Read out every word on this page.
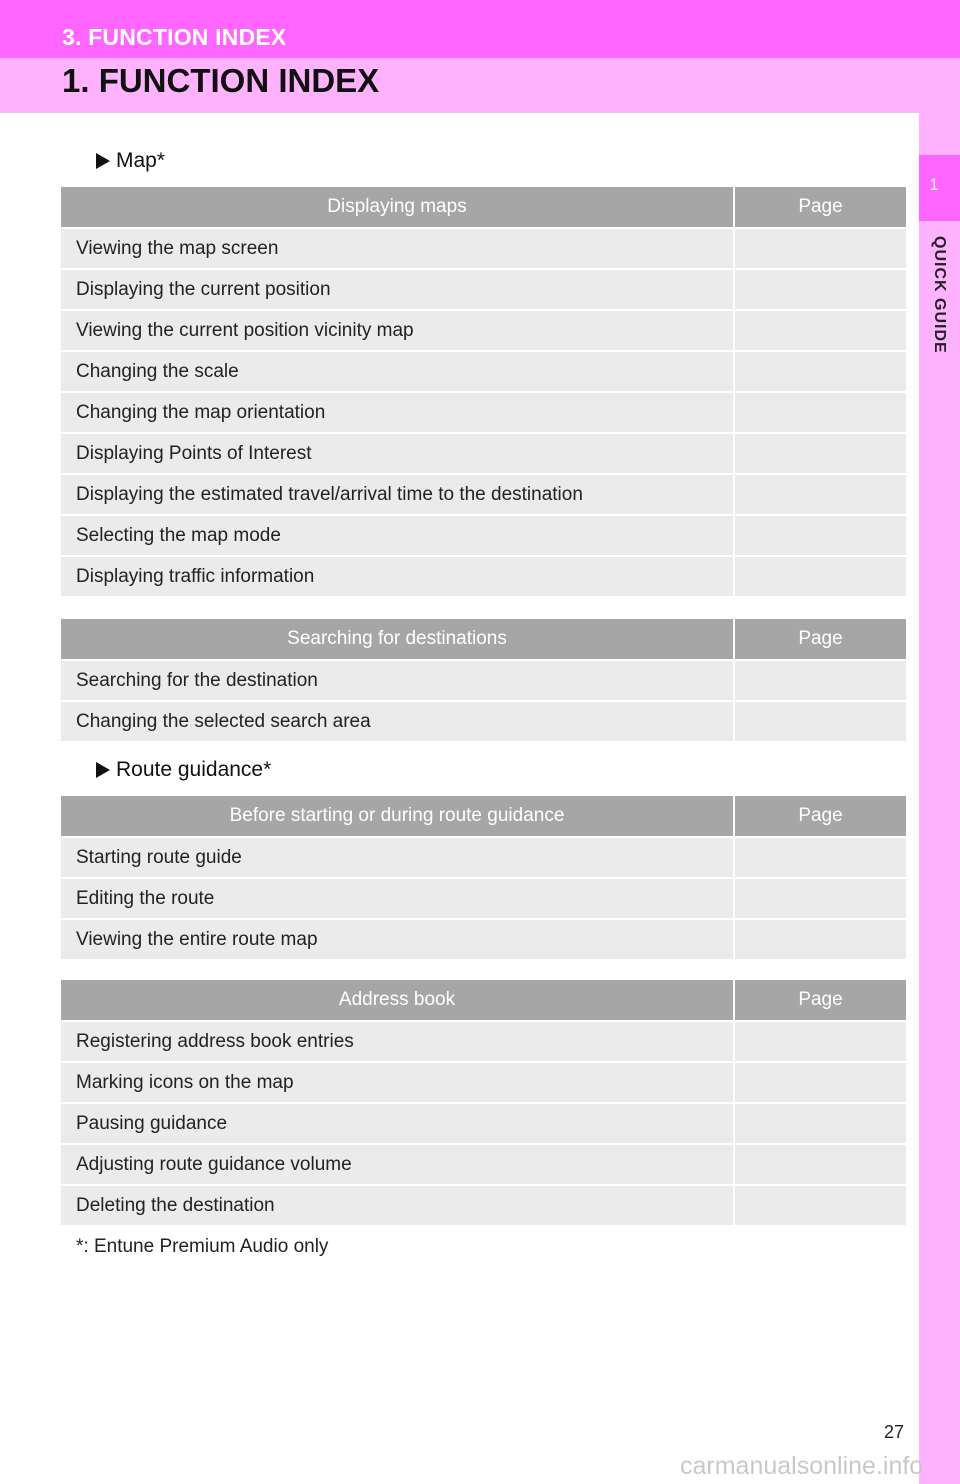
3. FUNCTION INDEX
1. FUNCTION INDEX
1
QUICK GUIDE
Map*
Displaying maps	Page
Viewing the map screen	
Displaying the current position	
Viewing the current position vicinity map	
Changing the scale	
Changing the map orientation	
Displaying Points of Interest	
Displaying the estimated travel/arrival time to the destination	
Selecting the map mode	
Displaying traffic information	
Searching for destinations	Page
Searching for the destination	
Changing the selected search area	
Route guidance*
Before starting or during route guidance	Page
Starting route guide	
Editing the route	
Viewing the entire route map	
Address book	Page
Registering address book entries	
Marking icons on the map	
Pausing guidance	
Adjusting route guidance volume	
Deleting the destination	
*: Entune Premium Audio only
27
carmanualsonline.info
